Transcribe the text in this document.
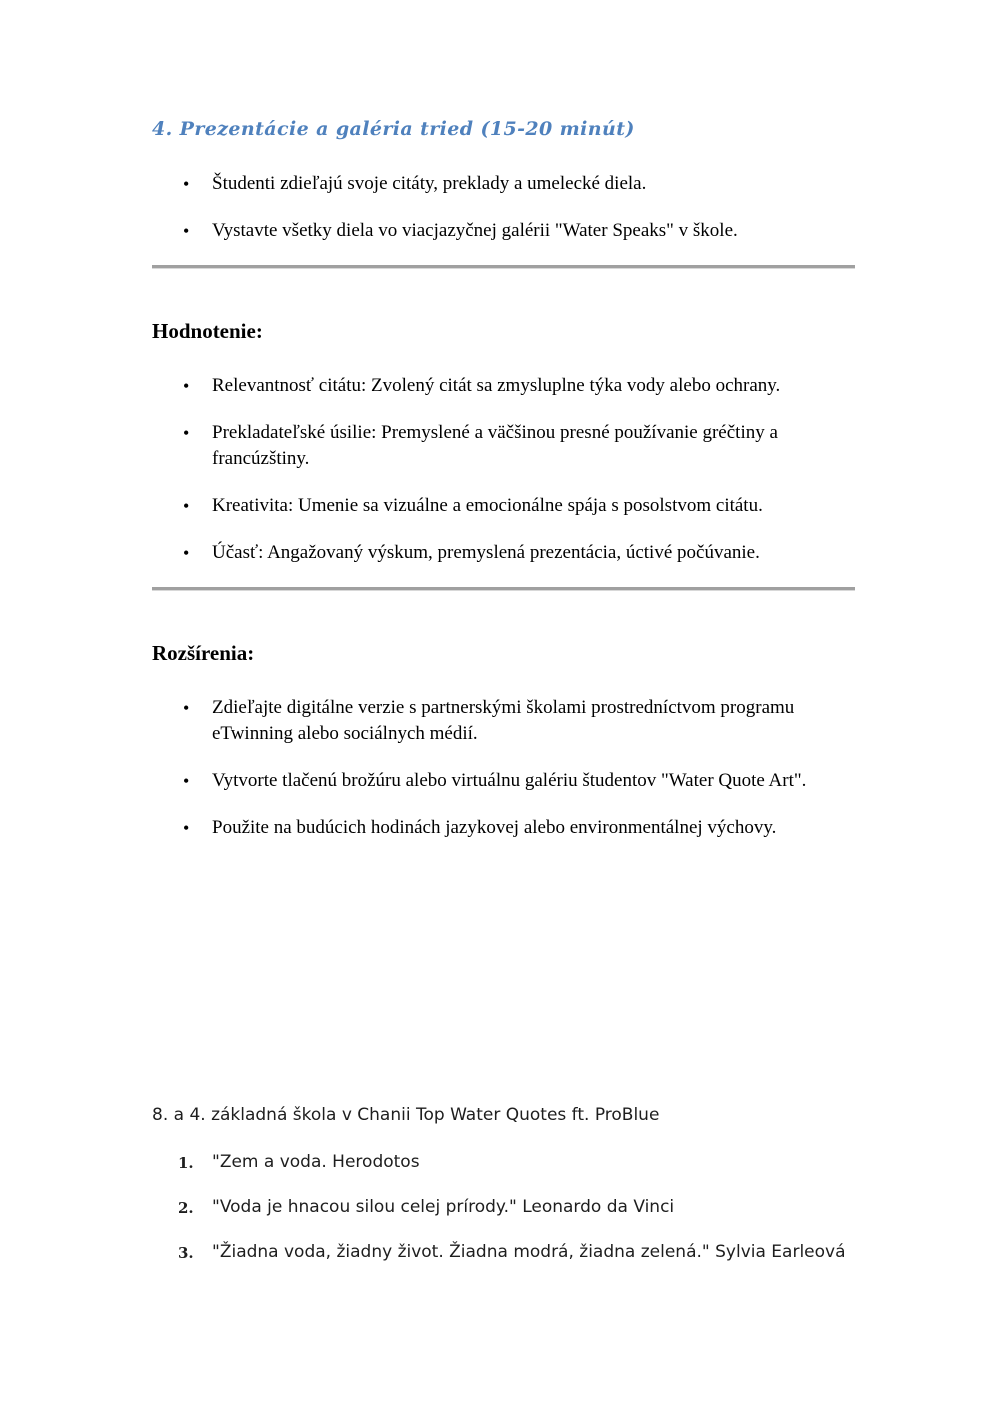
4. Prezentácie a galéria tried (15-20 minút)
• Študenti zdieľajú svoje citáty, preklady a umelecké diela.
• Vystavte všetky diela vo viacjazyčnej galérii "Water Speaks" v škole.
Hodnotenie:
• Relevantnosť citátu: Zvolený citát sa zmysluplne týka vody alebo ochrany.
• Prekladateľské úsilie: Premyslené a väčšinou presné používanie gréčtiny a francúzštiny.
• Kreativita: Umenie sa vizuálne a emocionálne spája s posolstvom citátu.
• Účasť: Angažovaný výskum, premyslená prezentácia, úctivé počúvanie.
Rozšírenia:
• Zdieľajte digitálne verzie s partnerskými školami prostredníctvom programu eTwinning alebo sociálnych médií.
• Vytvorte tlačenú brožúru alebo virtuálnu galériu študentov "Water Quote Art".
• Použite na budúcich hodinách jazykovej alebo environmentálnej výchovy.

8. a 4. základná škola v Chanii Top Water Quotes ft. ProBlue

1. "Zem a voda. Herodotos
2. "Voda je hnacou silou celej prírody." Leonardo da Vinci
3. "Žiadna voda, žiadny život. Žiadna modrá, žiadna zelená." Sylvia Earleová
